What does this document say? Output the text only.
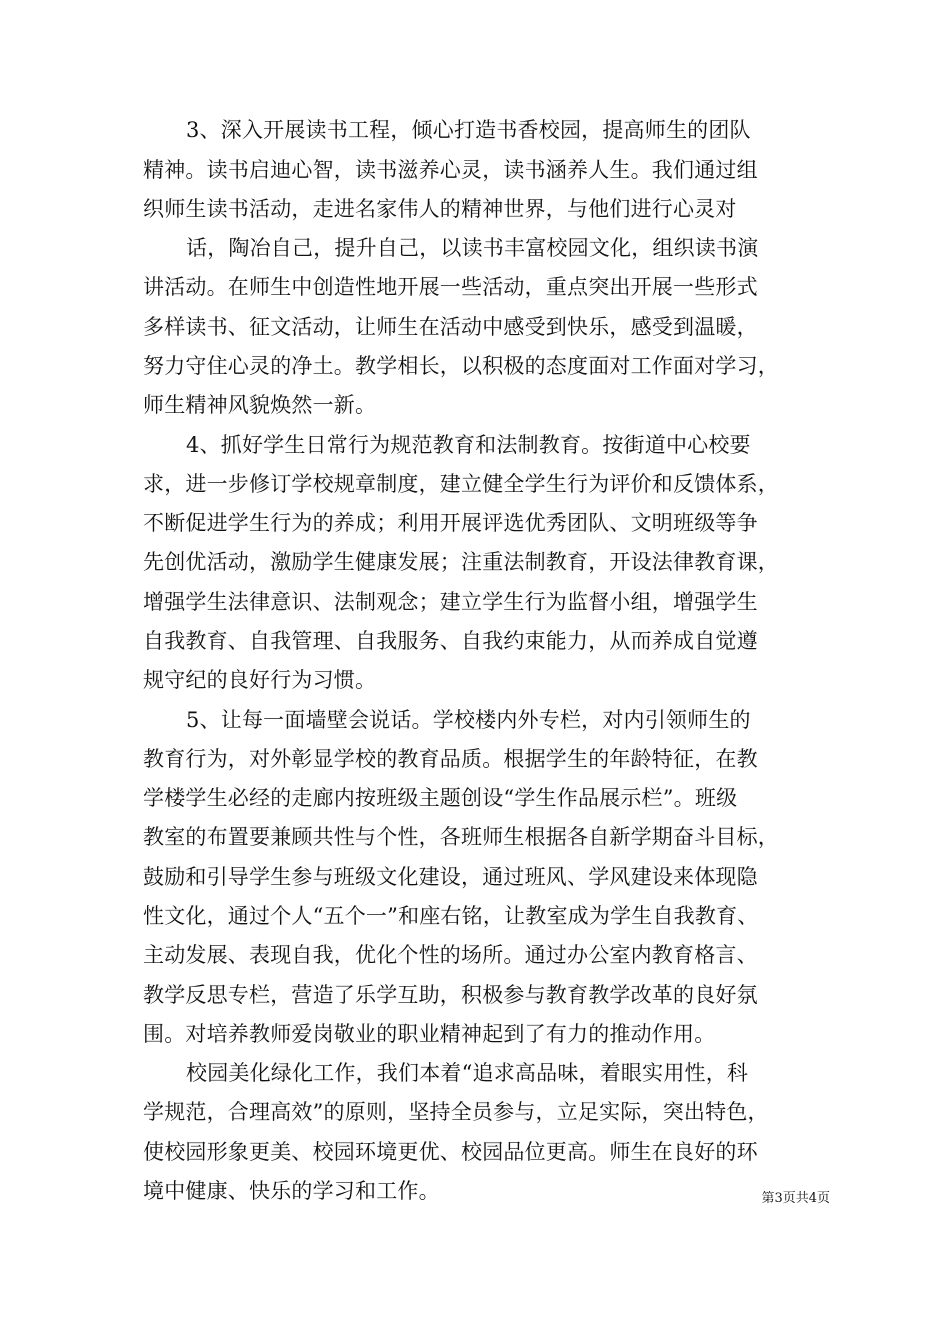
3、深入开展读书工程，倾心打造书香校园，提高师生的团队
精神。读书启迪心智，读书滋养心灵，读书涵养人生。我们通过组
织师生读书活动，走进名家伟人的精神世界，与他们进行心灵对
话，陶冶自己，提升自己，以读书丰富校园文化，组织读书演
讲活动。在师生中创造性地开展一些活动，重点突出开展一些形式
多样读书、征文活动，让师生在活动中感受到快乐，感受到温暖，
努力守住心灵的净土。教学相长，以积极的态度面对工作面对学习，
师生精神风貌焕然一新。
4、抓好学生日常行为规范教育和法制教育。按街道中心校要
求，进一步修订学校规章制度，建立健全学生行为评价和反馈体系，
不断促进学生行为的养成；利用开展评选优秀团队、文明班级等争
先创优活动，激励学生健康发展；注重法制教育，开设法律教育课，
增强学生法律意识、法制观念；建立学生行为监督小组，增强学生
自我教育、自我管理、自我服务、自我约束能力，从而养成自觉遵
规守纪的良好行为习惯。
5、让每一面墙壁会说话。学校楼内外专栏，对内引领师生的
教育行为，对外彰显学校的教育品质。根据学生的年龄特征，在教
学楼学生必经的走廊内按班级主题创设“学生作品展示栏”。班级
教室的布置要兼顾共性与个性，各班师生根据各自新学期奋斗目标，
鼓励和引导学生参与班级文化建设，通过班风、学风建设来体现隐
性文化，通过个人“五个一”和座右铭，让教室成为学生自我教育、
主动发展、表现自我，优化个性的场所。通过办公室内教育格言、
教学反思专栏，营造了乐学互助，积极参与教育教学改革的良好氛
围。对培养教师爱岗敬业的职业精神起到了有力的推动作用。
校园美化绿化工作，我们本着“追求高品味，着眼实用性，科
学规范，合理高效”的原则，坚持全员参与，立足实际，突出特色，
使校园形象更美、校园环境更优、校园品位更高。师生在良好的环
境中健康、快乐的学习和工作。	第3页共4页
